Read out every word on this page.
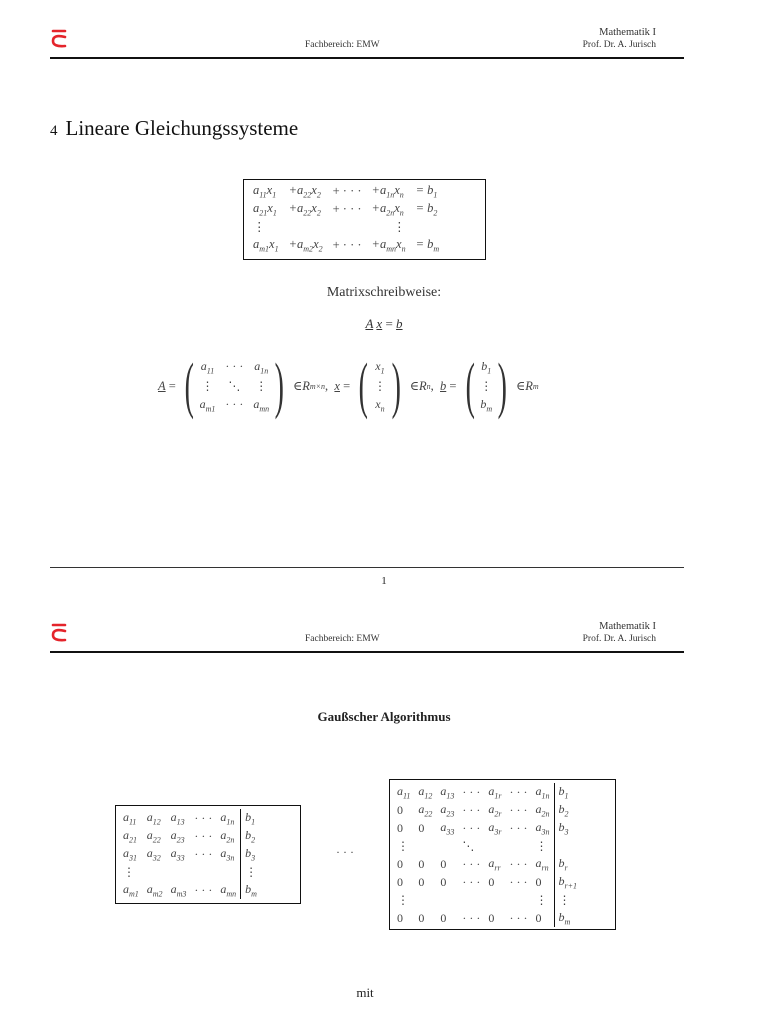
Fachbereich: EMW
Mathematik I
Prof. Dr. A. Jurisch
4 Lineare Gleichungssysteme
$a_{11}x_1$	$+a_{22}x_2$	+ · · ·	$+a_{1n}x_n$	= $b_1$
$a_{21}x_1$	$+a_{22}x_2$	+ · · ·	$+a_{2n}x_n$	= $b_2$
⋮			⋮	
$a_{m1}x_1$	$+a_{m2}x_2$	+ · · ·	$+a_{mn}x_n$	= $b_m$
Matrixschreibweise:
A x = b
A = ( $a_{11}$ · · · $a_{1n}$
⋮ ⋱ ⋮
$a_{m1}$ · · · $a_{mn}$ ) ∈ R m×n , x = ( $x_1$
⋮
$x_n$ ) ∈ R n , b = ( $b_1$
⋮
$b_m$ ) ∈ R m
1
Fachbereich: EMW
Mathematik I
Prof. Dr. A. Jurisch
Gaußscher Algorithmus
$a_{11}$	$a_{12}$	$a_{13}$	· · ·	$a_{1n}$	$b_1$
$a_{21}$	$a_{22}$	$a_{23}$	· · ·	$a_{2n}$	$b_2$
$a_{31}$	$a_{32}$	$a_{33}$	· · ·	$a_{3n}$	$b_3$
⋮					⋮
$a_{m1}$	$a_{m2}$	$a_{m3}$	· · ·	$a_{mn}$	$b_m$
· · ·
$a_{11}$	$a_{12}$	$a_{13}$	· · ·	$a_{1r}$	· · ·	$a_{1n}$	$b_1$
0	$a_{22}$	$a_{23}$	· · ·	$a_{2r}$	· · ·	$a_{2n}$	$b_2$
0	0	$a_{33}$	· · ·	$a_{3r}$	· · ·	$a_{3n}$	$b_3$
⋮			⋱			⋮	
0	0	0	· · ·	$a_{rr}$	· · ·	$a_{rn}$	$b_r$
0	0	0	· · ·	0	· · ·	0	$b_{r+1}$
⋮						⋮	⋮
0	0	0	· · ·	0	· · ·	0	$b_m$
mit
